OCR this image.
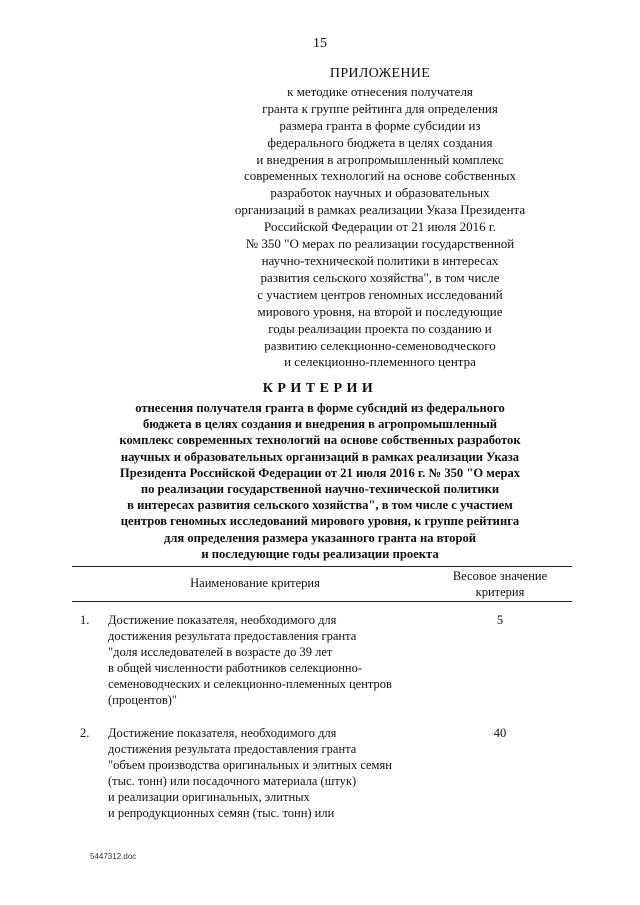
15
ПРИЛОЖЕНИЕ
к методике отнесения получателя
гранта к группе рейтинга для определения
размера гранта в форме субсидии из
федерального бюджета в целях создания
и внедрения в агропромышленный комплекс
современных технологий на основе собственных
разработок научных и образовательных
организаций в рамках реализации Указа Президента
Российской Федерации от 21 июля 2016 г.
№ 350 "О мерах по реализации государственной
научно-технической политики в интересах
развития сельского хозяйства", в том числе
с участием центров геномных исследований
мирового уровня, на второй и последующие
годы реализации проекта по созданию и
развитию селекционно-семеноводческого
и селекционно-племенного центра
КРИТЕРИИ
отнесения получателя гранта в форме субсидий из федерального
бюджета в целях создания и внедрения в агропромышленный
комплекс современных технологий на основе собственных разработок
научных и образовательных организаций в рамках реализации Указа
Президента Российской Федерации от 21 июля 2016 г. № 350 "О мерах
по реализации государственной научно-технической политики
в интересах развития сельского хозяйства", в том числе с участием
центров геномных исследований мирового уровня, к группе рейтинга
для определения размера указанного гранта на второй
и последующие годы реализации проекта
Наименование критерия	Весовое значение
критерия
1. Достижение показателя, необходимого для
достижения результата предоставления гранта
"доля исследователей в возрасте до 39 лет
в общей численности работников селекционно-
семеноводческих и селекционно-племенных центров
(процентов)"
5
2. Достижение показателя, необходимого для
достижения результата предоставления гранта
"объем производства оригинальных и элитных семян
(тыс. тонн) или посадочного материала (штук)
и реализации оригинальных, элитных
и репродукционных семян (тыс. тонн) или
40
5447312.doc
